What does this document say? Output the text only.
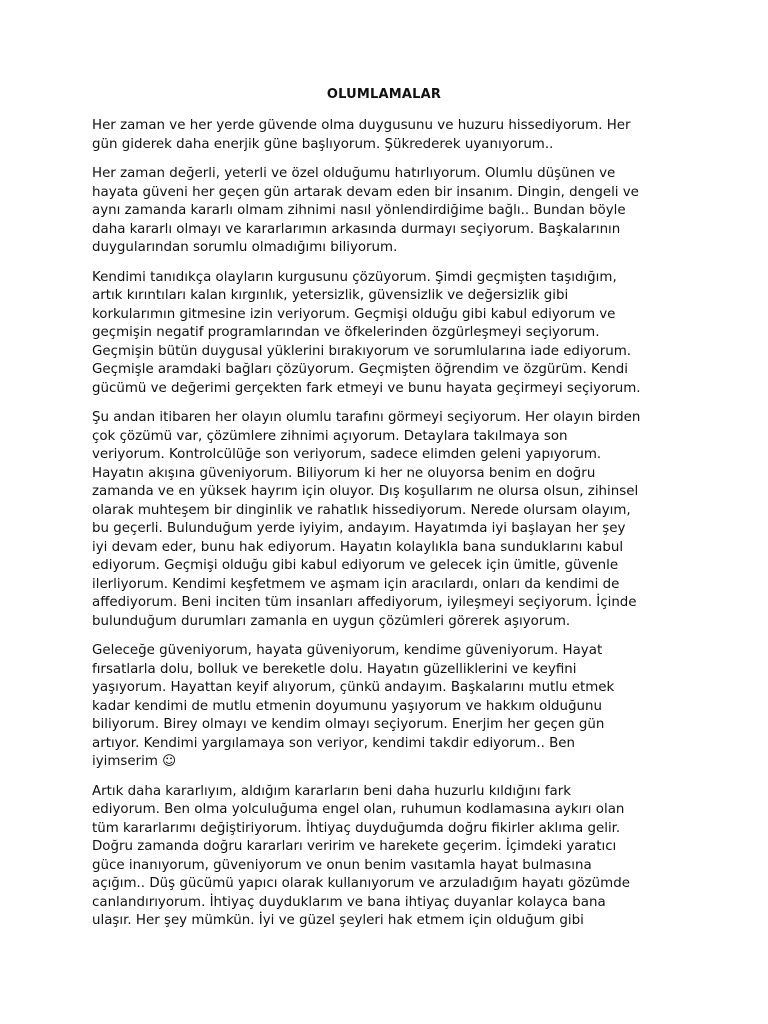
OLUMLAMALAR

Her zaman ve her yerde güvende olma duygusunu ve huzuru hissediyorum. Her
gün giderek daha enerjik güne başlıyorum. Şükrederek uyanıyorum..

Her zaman değerli, yeterli ve özel olduğumu hatırlıyorum. Olumlu düşünen ve
hayata güveni her geçen gün artarak devam eden bir insanım. Dingin, dengeli ve
aynı zamanda kararlı olmam zihnimi nasıl yönlendirdiğime bağlı.. Bundan böyle
daha kararlı olmayı ve kararlarımın arkasında durmayı seçiyorum. Başkalarının
duygularından sorumlu olmadığımı biliyorum.

Kendimi tanıdıkça olayların kurgusunu çözüyorum. Şimdi geçmişten taşıdığım,
artık kırıntıları kalan kırgınlık, yetersizlik, güvensizlik ve değersizlik gibi
korkularımın gitmesine izin veriyorum. Geçmişi olduğu gibi kabul ediyorum ve
geçmişin negatif programlarından ve öfkelerinden özgürleşmeyi seçiyorum.
Geçmişin bütün duygusal yüklerini bırakıyorum ve sorumlularına iade ediyorum.
Geçmişle aramdaki bağları çözüyorum. Geçmişten öğrendim ve özgürüm. Kendi
gücümü ve değerimi gerçekten fark etmeyi ve bunu hayata geçirmeyi seçiyorum.

Şu andan itibaren her olayın olumlu tarafını görmeyi seçiyorum. Her olayın birden
çok çözümü var, çözümlere zihnimi açıyorum. Detaylara takılmaya son
veriyorum. Kontrolcülüğe son veriyorum, sadece elimden geleni yapıyorum.
Hayatın akışına güveniyorum. Biliyorum ki her ne oluyorsa benim en doğru
zamanda ve en yüksek hayrım için oluyor. Dış koşullarım ne olursa olsun, zihinsel
olarak muhteşem bir dinginlik ve rahatlık hissediyorum. Nerede olursam olayım,
bu geçerli. Bulunduğum yerde iyiyim, andayım. Hayatımda iyi başlayan her şey
iyi devam eder, bunu hak ediyorum. Hayatın kolaylıkla bana sunduklarını kabul
ediyorum. Geçmişi olduğu gibi kabul ediyorum ve gelecek için ümitle, güvenle
ilerliyorum. Kendimi keşfetmem ve aşmam için aracılardı, onları da kendimi de
affediyorum. Beni inciten tüm insanları affediyorum, iyileşmeyi seçiyorum. İçinde
bulunduğum durumları zamanla en uygun çözümleri görerek aşıyorum.

Geleceğe güveniyorum, hayata güveniyorum, kendime güveniyorum. Hayat
fırsatlarla dolu, bolluk ve bereketle dolu. Hayatın güzelliklerini ve keyfini
yaşıyorum. Hayattan keyif alıyorum, çünkü andayım. Başkalarını mutlu etmek
kadar kendimi de mutlu etmenin doyumunu yaşıyorum ve hakkım olduğunu
biliyorum. Birey olmayı ve kendim olmayı seçiyorum. Enerjim her geçen gün
artıyor. Kendimi yargılamaya son veriyor, kendimi takdir ediyorum.. Ben
iyimserim ☺

Artık daha kararlıyım, aldığım kararların beni daha huzurlu kıldığını fark
ediyorum. Ben olma yolculuğuma engel olan, ruhumun kodlamasına aykırı olan
tüm kararlarımı değiştiriyorum. İhtiyaç duyduğumda doğru fikirler aklıma gelir.
Doğru zamanda doğru kararları veririm ve harekete geçerim. İçimdeki yaratıcı
güce inanıyorum, güveniyorum ve onun benim vasıtamla hayat bulmasına
açığım.. Düş gücümü yapıcı olarak kullanıyorum ve arzuladığım hayatı gözümde
canlandırıyorum. İhtiyaç duyduklarım ve bana ihtiyaç duyanlar kolayca bana
ulaşır. Her şey mümkün. İyi ve güzel şeyleri hak etmem için olduğum gibi
